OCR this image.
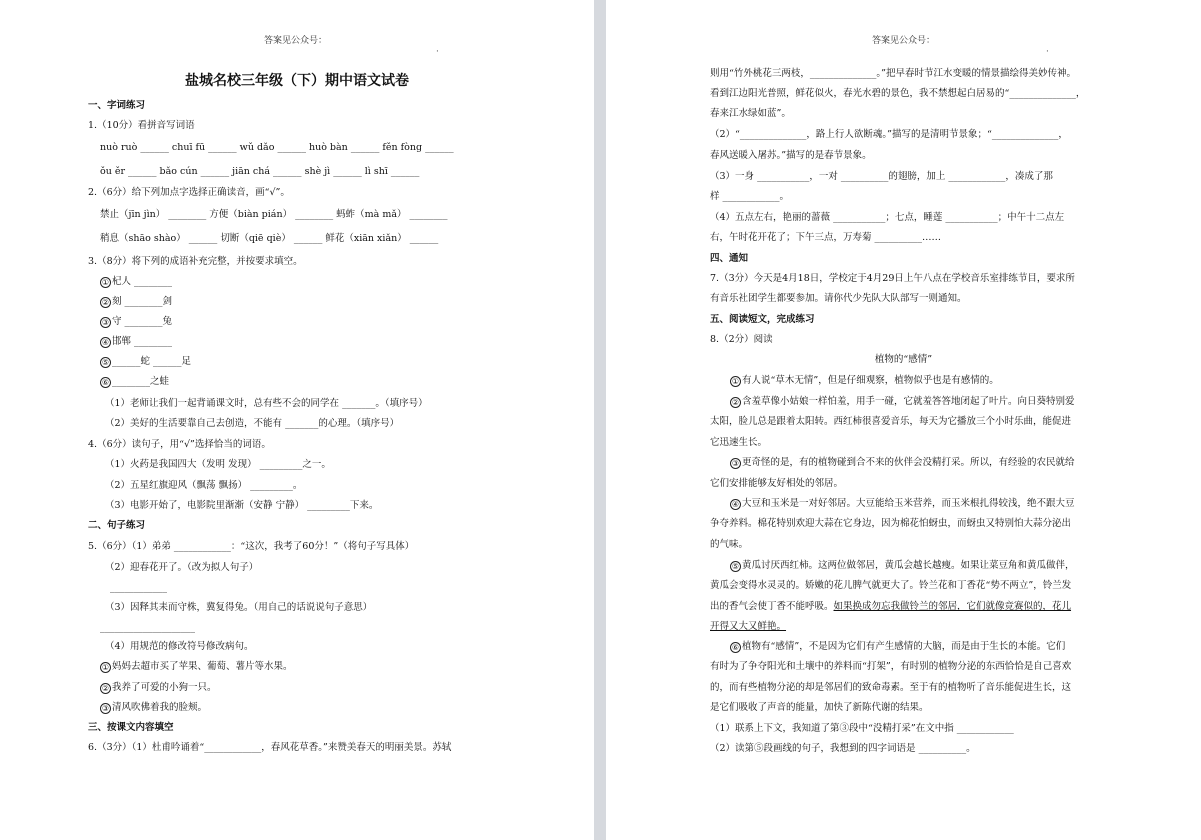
答案见公众号：
·
盐城名校三年级（下）期中语文试卷
一、字词练习
1.（10分）看拼音写词语
nuò ruò ______ chuī fū ______ wǔ dǎo ______ huò bàn ______ fěn fòng ______
ǒu ěr ______ bǎo cún ______ jiān chá ______ shè jì ______ lì shī ______
2.（6分）给下列加点字选择正确读音，画“√”。
禁止（jīn jìn） ________ 方便（biàn pián） ________ 蚂蚱（mà mǎ） ________
稍息（shāo shào） ______ 切断（qiē qiè） ______ 鲜花（xiān xiǎn） ______
3.（8分）将下列的成语补充完整，并按要求填空。
① 杞人 ________
② 刻 ________剑
③ 守 ________兔
④ 邯郸 ________
⑤ ______蛇 ______足
⑥ ________之蛙
（1）老师让我们一起背诵课文时，总有些不会的同学在 _______。（填序号）
（2）美好的生活要靠自己去创造，不能有 _______的心理。（填序号）
4.（6分）读句子，用“√”选择恰当的词语。
（1）火药是我国四大（发明 发现） _________之一。
（2）五星红旗迎风（飘荡 飘扬） _________。
（3）电影开始了，电影院里渐渐（安静 宁静） _________下来。
二、句子练习
5.（6分）（1）弟弟 ____________：“这次，我考了60分！”（将句子写具体）
（2）迎春花开了。（改为拟人句子）
____________
（3）因释其耒而守株，冀复得兔。（用自己的话说说句子意思）
____________________
（4）用规范的修改符号修改病句。
① 妈妈去超市买了苹果、葡萄、薯片等水果。
② 我养了可爱的小狗一只。
③ 清风吹佛着我的脸颊。
三、按课文内容填空
6.（3分）（1）杜甫吟诵着“____________，春风花草香。”来赞美春天的明丽美景。苏轼
答案见公众号：
·
则用“竹外桃花三两枝，______________。”把早春时节江水变暖的情景描绘得美妙传神。
看到江边阳光普照，鲜花似火，春光水碧的景色，我不禁想起白居易的“______________，
春来江水绿如蓝”。
（2）“______________，路上行人欲断魂。”描写的是清明节景象；“______________，
春风送暖入屠苏。”描写的是春节景象。
（3）一身 ___________，一对 __________的翅膀，加上 ____________，凑成了那
样 ____________。
（4）五点左右，艳丽的蔷薇 ___________；七点，睡莲 ___________；中午十二点左
右，午时花开花了；下午三点，万寿菊 __________……
四、通知
7.（3分）今天是4月18日，学校定于4月29日上午八点在学校音乐室排练节目，要求所
有音乐社团学生都要参加。请你代少先队大队部写一则通知。
五、阅读短文，完成练习
8.（2分）阅读
植物的“感情”
① 有人说“草木无情”，但是仔细观察，植物似乎也是有感情的。
② 含羞草像小姑娘一样怕羞，用手一碰，它就羞答答地闭起了叶片。向日葵特别爱
太阳，脸儿总是跟着太阳转。西红柿很喜爱音乐，每天为它播放三个小时乐曲，能促进
它迅速生长。
③ 更奇怪的是，有的植物碰到合不来的伙伴会没精打采。所以，有经验的农民就给
它们安排能够友好相处的邻居。
④ 大豆和玉米是一对好邻居。大豆能给玉米营养，而玉米根扎得较浅，绝不跟大豆
争夺养料。棉花特别欢迎大蒜在它身边，因为棉花怕蚜虫，而蚜虫又特别怕大蒜分泌出
的气味。
⑤ 黄瓜讨厌西红柿。这两位做邻居，黄瓜会越长越瘦。如果让菜豆角和黄瓜做伴，
黄瓜会变得水灵灵的。娇嫩的花儿脾气就更大了。铃兰花和丁香花“势不两立”，铃兰发
出的香气会使丁香不能呼吸。如果换成勿忘我做铃兰的邻居，它们就像竞赛似的，花儿
开得又大又鲜艳。
⑥ 植物有“感情”，不是因为它们有产生感情的大脑，而是由于生长的本能。它们
有时为了争夺阳光和土壤中的养料而“打架”，有时别的植物分泌的东西恰恰是自己喜欢
的，而有些植物分泌的却是邻居们的致命毒素。至于有的植物听了音乐能促进生长，这
是它们吸收了声音的能量，加快了新陈代谢的结果。
（1）联系上下文，我知道了第③段中“没精打采”在文中指 ____________
（2）读第⑤段画线的句子，我想到的四字词语是 __________。
